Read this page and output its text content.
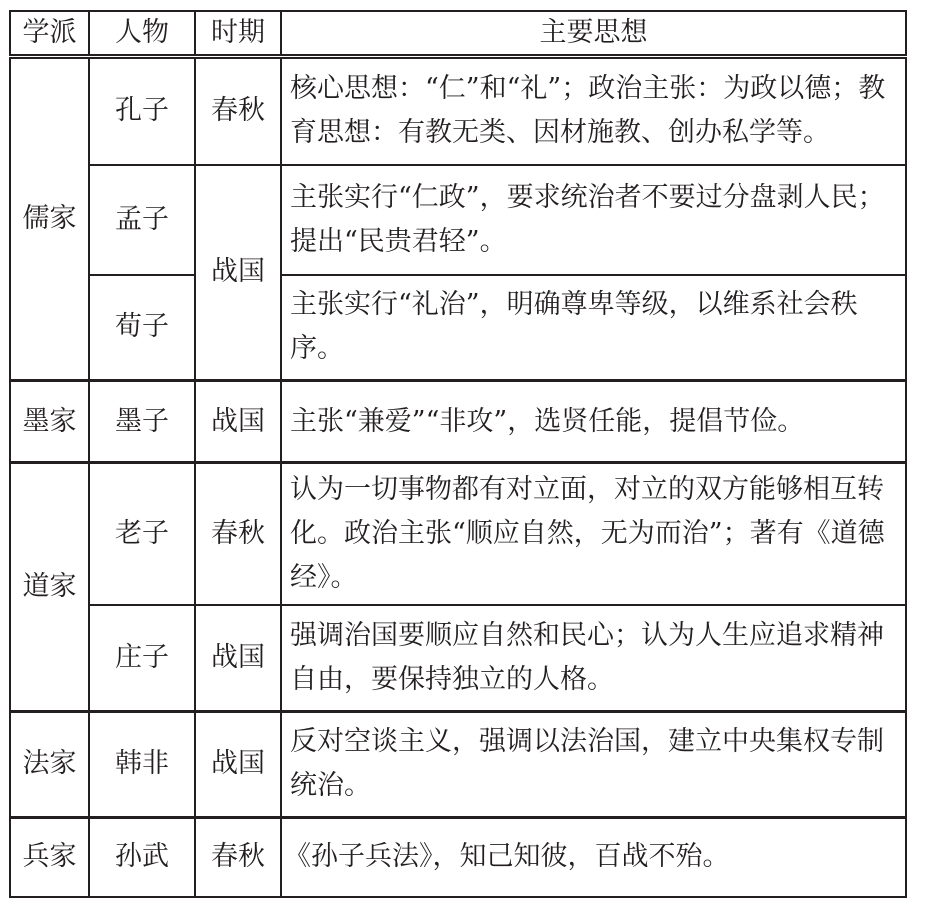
学派	人物	时期	主要思想
儒家	孔子	春秋	核心思想：“仁”和“礼”；政治主张：为政以德；教育思想：有教无类、因材施教、创办私学等。
	孟子	战国	主张实行“仁政”，要求统治者不要过分盘剥人民；提出“民贵君轻”。
	荀子		主张实行“礼治”，明确尊卑等级，以维系社会秩序。
墨家	墨子	战国	主张“兼爱”“非攻”，选贤任能，提倡节俭。
道家	老子	春秋	认为一切事物都有对立面，对立的双方能够相互转化。政治主张“顺应自然，无为而治”；著有《道德经》。
	庄子	战国	强调治国要顺应自然和民心；认为人生应追求精神自由，要保持独立的人格。
法家	韩非	战国	反对空谈主义，强调以法治国，建立中央集权专制统治。
兵家	孙武	春秋	《孙子兵法》，知己知彼，百战不殆。
